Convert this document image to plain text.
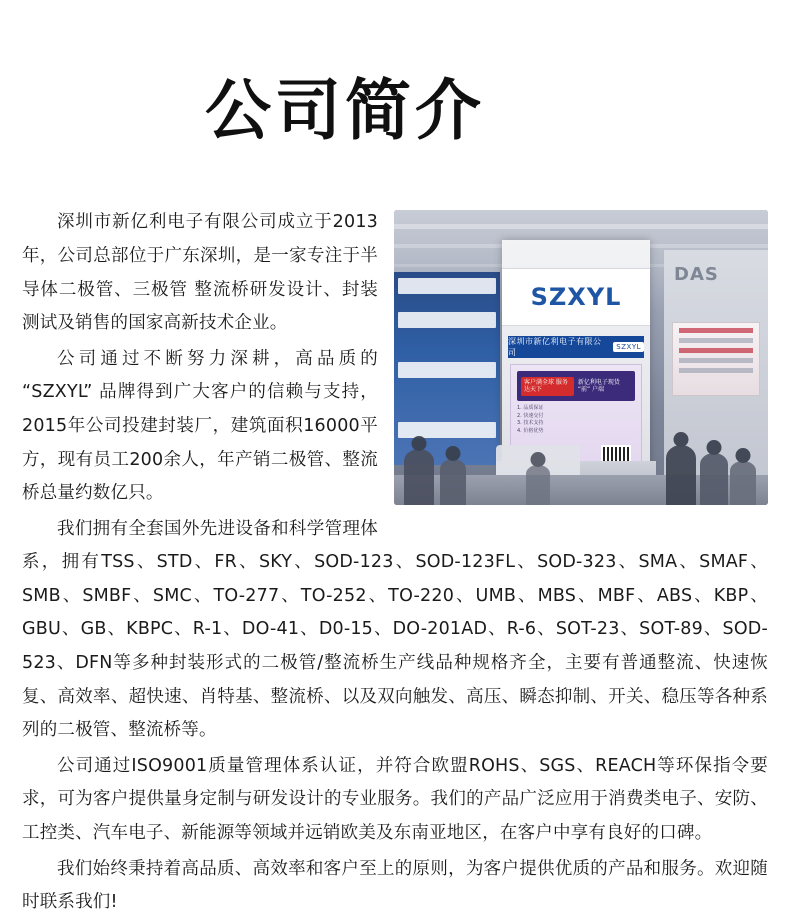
公司简介
DAS
SZXYL
深圳市新亿利电子有限公司
SZXYL
客户满全球 服务达天下
新亿利电子现货 “前” 户端
1. 品质保证
2. 快速交付
3. 技术支持
4. 价格优势

深圳市新亿利电子有限公司成立于2013年，公司总部位于广东深圳，是一家专注于半导体二极管、三极管 整流桥研发设计、封装测试及销售的国家高新技术企业。

公司通过不断努力深耕，高品质的 “SZXYL” 品牌得到广大客户的信赖与支持，2015年公司投建封装厂，建筑面积16000平方，现有员工200余人，年产销二极管、整流桥总量约数亿只。

我们拥有全套国外先进设备和科学管理体系，拥有TSS、STD、FR、SKY、SOD-123、SOD-123FL、SOD-323、SMA、SMAF、SMB、SMBF、SMC、TO-277、TO-252、TO-220、UMB、MBS、MBF、ABS、KBP、GBU、GB、KBPC、R-1、DO-41、D0-15、DO-201AD、R-6、SOT-23、SOT-89、SOD-523、DFN等多种封装形式的二极管/整流桥生产线品种规格齐全，主要有普通整流、快速恢复、高效率、超快速、肖特基、整流桥、以及双向触发、高压、瞬态抑制、开关、稳压等各种系列的二极管、整流桥等。

公司通过ISO9001质量管理体系认证，并符合欧盟ROHS、SGS、REACH等环保指令要求，可为客户提供量身定制与研发设计的专业服务。我们的产品广泛应用于消费类电子、安防、工控类、汽车电子、新能源等领域并远销欧美及东南亚地区，在客户中享有良好的口碑。

我们始终秉持着高品质、高效率和客户至上的原则，为客户提供优质的产品和服务。欢迎随时联系我们!
